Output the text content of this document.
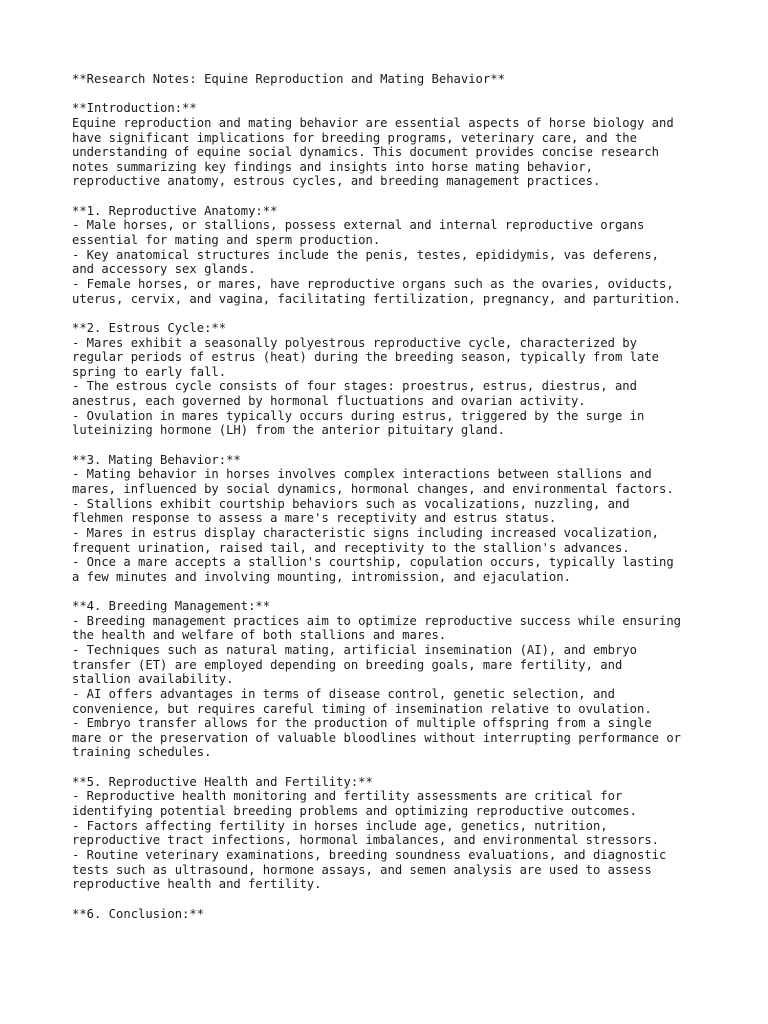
**Research Notes: Equine Reproduction and Mating Behavior**
**Introduction:**
Equine reproduction and mating behavior are essential aspects of horse biology and
have significant implications for breeding programs, veterinary care, and the
understanding of equine social dynamics. This document provides concise research
notes summarizing key findings and insights into horse mating behavior,
reproductive anatomy, estrous cycles, and breeding management practices.
**1. Reproductive Anatomy:**
- Male horses, or stallions, possess external and internal reproductive organs
essential for mating and sperm production.
- Key anatomical structures include the penis, testes, epididymis, vas deferens,
and accessory sex glands.
- Female horses, or mares, have reproductive organs such as the ovaries, oviducts,
uterus, cervix, and vagina, facilitating fertilization, pregnancy, and parturition.
**2. Estrous Cycle:**
- Mares exhibit a seasonally polyestrous reproductive cycle, characterized by
regular periods of estrus (heat) during the breeding season, typically from late
spring to early fall.
- The estrous cycle consists of four stages: proestrus, estrus, diestrus, and
anestrus, each governed by hormonal fluctuations and ovarian activity.
- Ovulation in mares typically occurs during estrus, triggered by the surge in
luteinizing hormone (LH) from the anterior pituitary gland.
**3. Mating Behavior:**
- Mating behavior in horses involves complex interactions between stallions and
mares, influenced by social dynamics, hormonal changes, and environmental factors.
- Stallions exhibit courtship behaviors such as vocalizations, nuzzling, and
flehmen response to assess a mare's receptivity and estrus status.
- Mares in estrus display characteristic signs including increased vocalization,
frequent urination, raised tail, and receptivity to the stallion's advances.
- Once a mare accepts a stallion's courtship, copulation occurs, typically lasting
a few minutes and involving mounting, intromission, and ejaculation.
**4. Breeding Management:**
- Breeding management practices aim to optimize reproductive success while ensuring
the health and welfare of both stallions and mares.
- Techniques such as natural mating, artificial insemination (AI), and embryo
transfer (ET) are employed depending on breeding goals, mare fertility, and
stallion availability.
- AI offers advantages in terms of disease control, genetic selection, and
convenience, but requires careful timing of insemination relative to ovulation.
- Embryo transfer allows for the production of multiple offspring from a single
mare or the preservation of valuable bloodlines without interrupting performance or
training schedules.
**5. Reproductive Health and Fertility:**
- Reproductive health monitoring and fertility assessments are critical for
identifying potential breeding problems and optimizing reproductive outcomes.
- Factors affecting fertility in horses include age, genetics, nutrition,
reproductive tract infections, hormonal imbalances, and environmental stressors.
- Routine veterinary examinations, breeding soundness evaluations, and diagnostic
tests such as ultrasound, hormone assays, and semen analysis are used to assess
reproductive health and fertility.
**6. Conclusion:**
